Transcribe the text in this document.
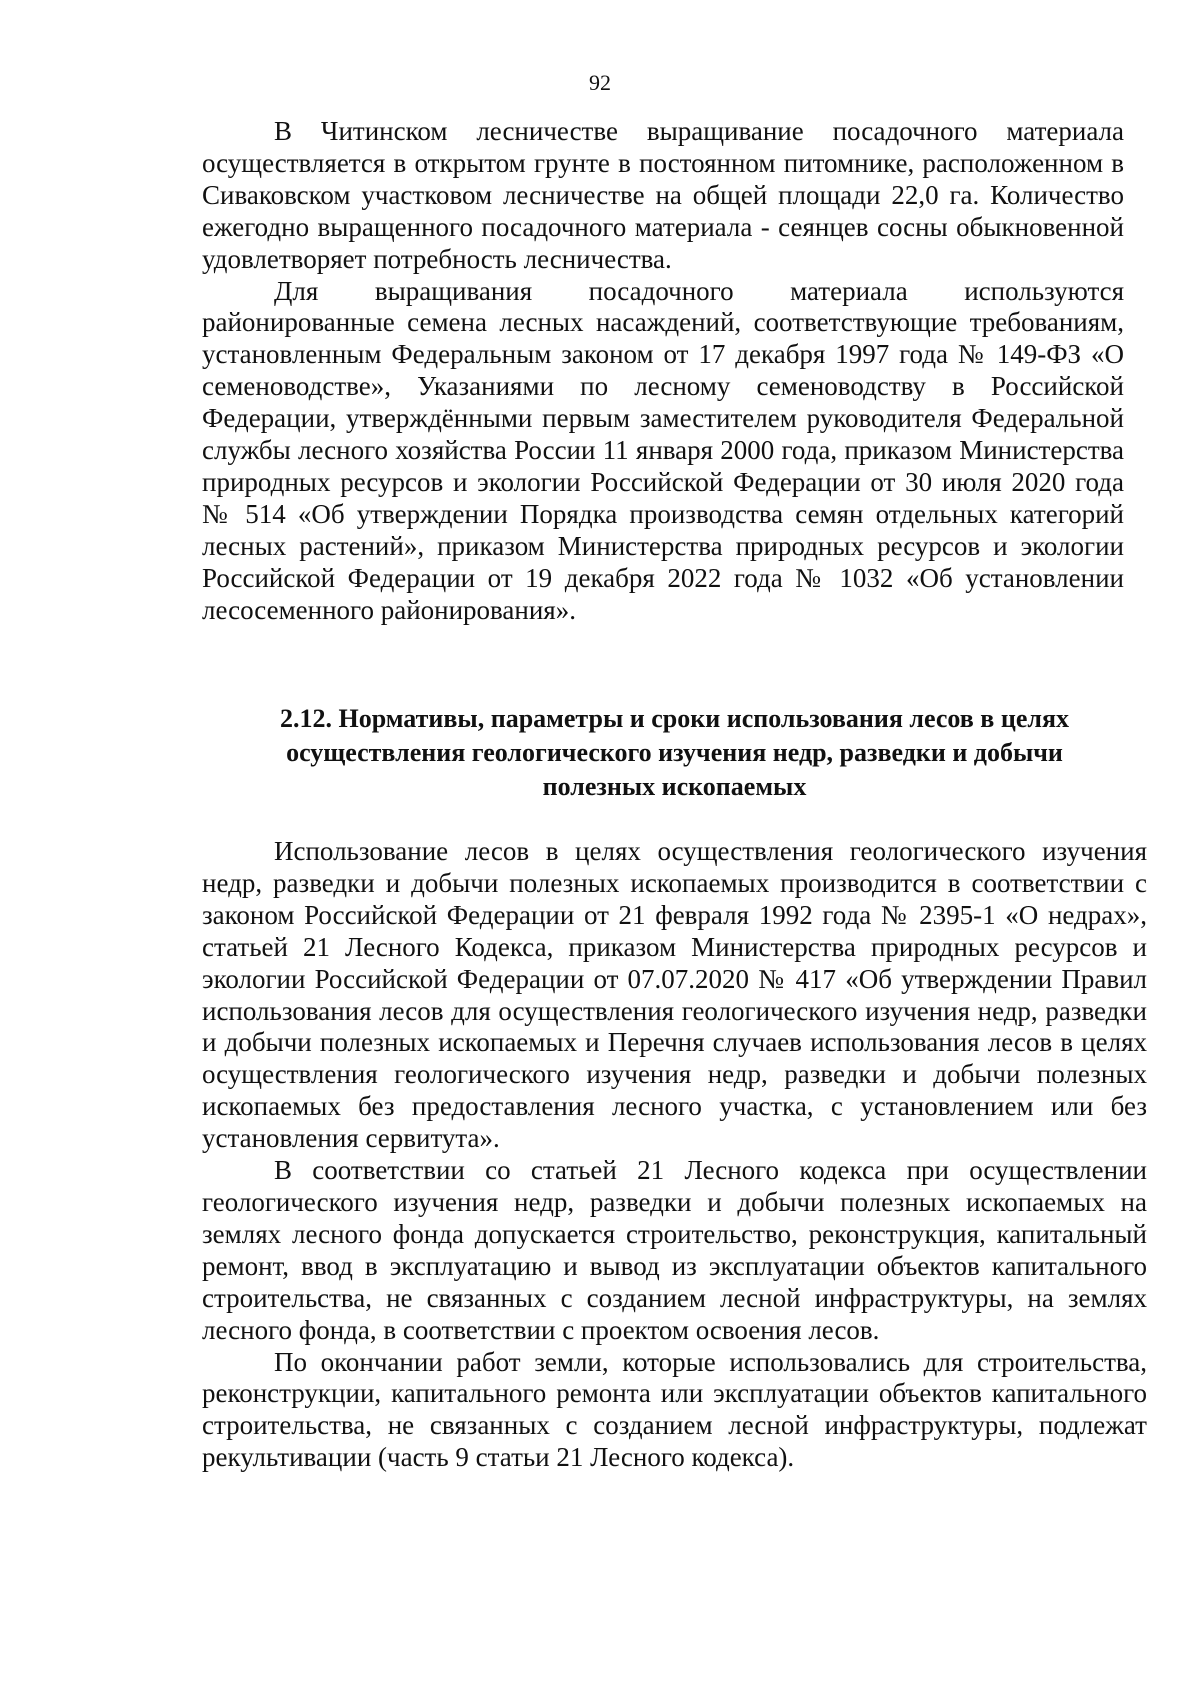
92

В Читинском лесничестве выращивание посадочного материала осуществляется в открытом грунте в постоянном питомнике, расположенном в Сиваковском участковом лесничестве на общей площади 22,0 га. Количество ежегодно выращенного посадочного материала - сеянцев сосны обыкновенной удовлетворяет потребность лесничества.

Для выращивания посадочного материала используются районированные семена лесных насаждений, соответствующие требованиям, установленным Федеральным законом от 17 декабря 1997 года № 149-ФЗ «О семеноводстве», Указаниями по лесному семеноводству в Российской Федерации, утверждёнными первым заместителем руководителя Федеральной службы лесного хозяйства России 11 января 2000 года, приказом Министерства природных ресурсов и экологии Российской Федерации от 30 июля 2020 года № 514 «Об утверждении Порядка производства семян отдельных категорий лесных растений», приказом Министерства природных ресурсов и экологии Российской Федерации от 19 декабря 2022 года № 1032 «Об установлении лесосеменного районирования».

2.12. Нормативы, параметры и сроки использования лесов в целях
осуществления геологического изучения недр, разведки и добычи
полезных ископаемых

Использование лесов в целях осуществления геологического изучения недр, разведки и добычи полезных ископаемых производится в соответствии с законом Российской Федерации от 21 февраля 1992 года № 2395-1 «О недрах», статьей 21 Лесного Кодекса, приказом Министерства природных ресурсов и экологии Российской Федерации от 07.07.2020 № 417 «Об утверждении Правил использования лесов для осуществления геологического изучения недр, разведки и добычи полезных ископаемых и Перечня случаев использования лесов в целях осуществления геологического изучения недр, разведки и добычи полезных ископаемых без предоставления лесного участка, с установлением или без установления сервитута».

В соответствии со статьей 21 Лесного кодекса при осуществлении геологического изучения недр, разведки и добычи полезных ископаемых на землях лесного фонда допускается строительство, реконструкция, капитальный ремонт, ввод в эксплуатацию и вывод из эксплуатации объектов капитального строительства, не связанных с созданием лесной инфраструктуры, на землях лесного фонда, в соответствии с проектом освоения лесов.

По окончании работ земли, которые использовались для строительства, реконструкции, капитального ремонта или эксплуатации объектов капитального строительства, не связанных с созданием лесной инфраструктуры, подлежат рекультивации (часть 9 статьи 21 Лесного кодекса).
